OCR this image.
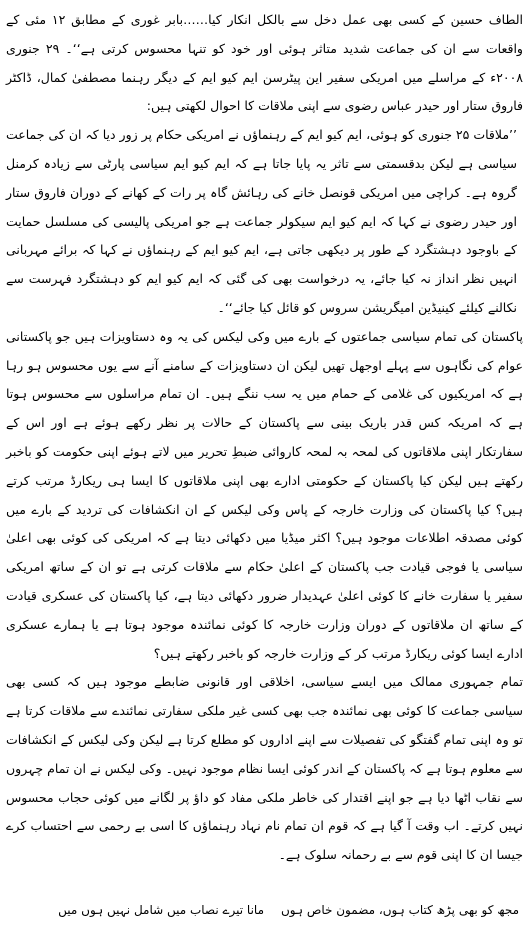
الطاف حسین کے کسی بھی عمل دخل سے بالکل انکار کیا……بابر غوری کے مطابق ۱۲ مئی کے واقعات سے ان کی جماعت شدید متاثر ہوئی اور خود کو تنہا محسوس کرتی ہے‘‘۔ ۲۹ جنوری ۲۰۰۸ء کے مراسلے میں امریکی سفیر این پیٹرسن ایم کیو ایم کے دیگر رہنما مصطفیٰ کمال، ڈاکٹر فاروق ستار اور حیدر عباس رضوی سے اپنی ملاقات کا احوال لکھتی ہیں:

’’ملاقات ۲۵ جنوری کو ہوئی، ایم کیو ایم کے رہنماؤں نے امریکی حکام پر زور دیا کہ ان کی جماعت سیاسی ہے لیکن بدقسمتی سے تاثر یہ پایا جاتا ہے کہ ایم کیو ایم سیاسی پارٹی سے زیادہ کرمنل گروہ ہے۔ کراچی میں امریکی قونصل خانے کی رہائش گاہ پر رات کے کھانے کے دوران فاروق ستار اور حیدر رضوی نے کہا کہ ایم کیو ایم سیکولر جماعت ہے جو امریکی پالیسی کی مسلسل حمایت کے باوجود دہشتگرد کے طور پر دیکھی جاتی ہے، ایم کیو ایم کے رہنماؤں نے کہا کہ برائے مہربانی انہیں نظر انداز نہ کیا جائے، یہ درخواست بھی کی گئی کہ ایم کیو ایم کو دہشتگرد فہرست سے نکالنے کیلئے کینیڈین امیگریشن سروس کو قائل کیا جائے‘‘۔

پاکستان کی تمام سیاسی جماعتوں کے بارے میں وکی لیکس کی یہ وہ دستاویزات ہیں جو پاکستانی عوام کی نگاہوں سے پہلے اوجھل تھیں لیکن ان دستاویزات کے سامنے آنے سے یوں محسوس ہو رہا ہے کہ امریکیوں کی غلامی کے حمام میں یہ سب ننگے ہیں۔ ان تمام مراسلوں سے محسوس ہوتا ہے کہ امریکہ کس قدر باریک بینی سے پاکستان کے حالات پر نظر رکھے ہوئے ہے اور اس کے سفارتکار اپنی ملاقاتوں کی لمحہ بہ لمحہ کاروائی ضبطِ تحریر میں لاتے ہوئے اپنی حکومت کو باخبر رکھتے ہیں لیکن کیا پاکستان کے حکومتی ادارے بھی اپنی ملاقاتوں کا ایسا ہی ریکارڈ مرتب کرتے ہیں؟ کیا پاکستان کی وزارت خارجہ کے پاس وکی لیکس کے ان انکشافات کی تردید کے بارے میں کوئی مصدقہ اطلاعات موجود ہیں؟ اکثر میڈیا میں دکھائی دیتا ہے کہ امریکی کی کوئی بھی اعلیٰ سیاسی یا فوجی قیادت جب پاکستان کے اعلیٰ حکام سے ملاقات کرتی ہے تو ان کے ساتھ امریکی سفیر یا سفارت خانے کا کوئی اعلیٰ عہدیدار ضرور دکھائی دیتا ہے، کیا پاکستان کی عسکری قیادت کے ساتھ ان ملاقاتوں کے دوران وزارت خارجہ کا کوئی نمائندہ موجود ہوتا ہے یا ہمارے عسکری ادارے ایسا کوئی ریکارڈ مرتب کر کے وزارت خارجہ کو باخبر رکھتے ہیں؟

تمام جمہوری ممالک میں ایسے سیاسی، اخلاقی اور قانونی ضابطے موجود ہیں کہ کسی بھی سیاسی جماعت کا کوئی بھی نمائندہ جب بھی کسی غیر ملکی سفارتی نمائندے سے ملاقات کرتا ہے تو وہ اپنی تمام گفتگو کی تفصیلات سے اپنے اداروں کو مطلع کرتا ہے لیکن وکی لیکس کے انکشافات سے معلوم ہوتا ہے کہ پاکستان کے اندر کوئی ایسا نظام موجود نہیں۔ وکی لیکس نے ان تمام چہروں سے نقاب اٹھا دیا ہے جو اپنے اقتدار کی خاطر ملکی مفاد کو داؤ پر لگانے میں کوئی حجاب محسوس نہیں کرتے۔ اب وقت آ گیا ہے کہ قوم ان تمام نام نہاد رہنماؤں کا اسی بے رحمی سے احتساب کرے جیسا ان کا اپنی قوم سے بے رحمانہ سلوک ہے۔

مجھ کو بھی پڑھ کتاب ہوں، مضمون خاص ہوں
مانا تیرے نصاب میں شامل نہیں ہوں میں
